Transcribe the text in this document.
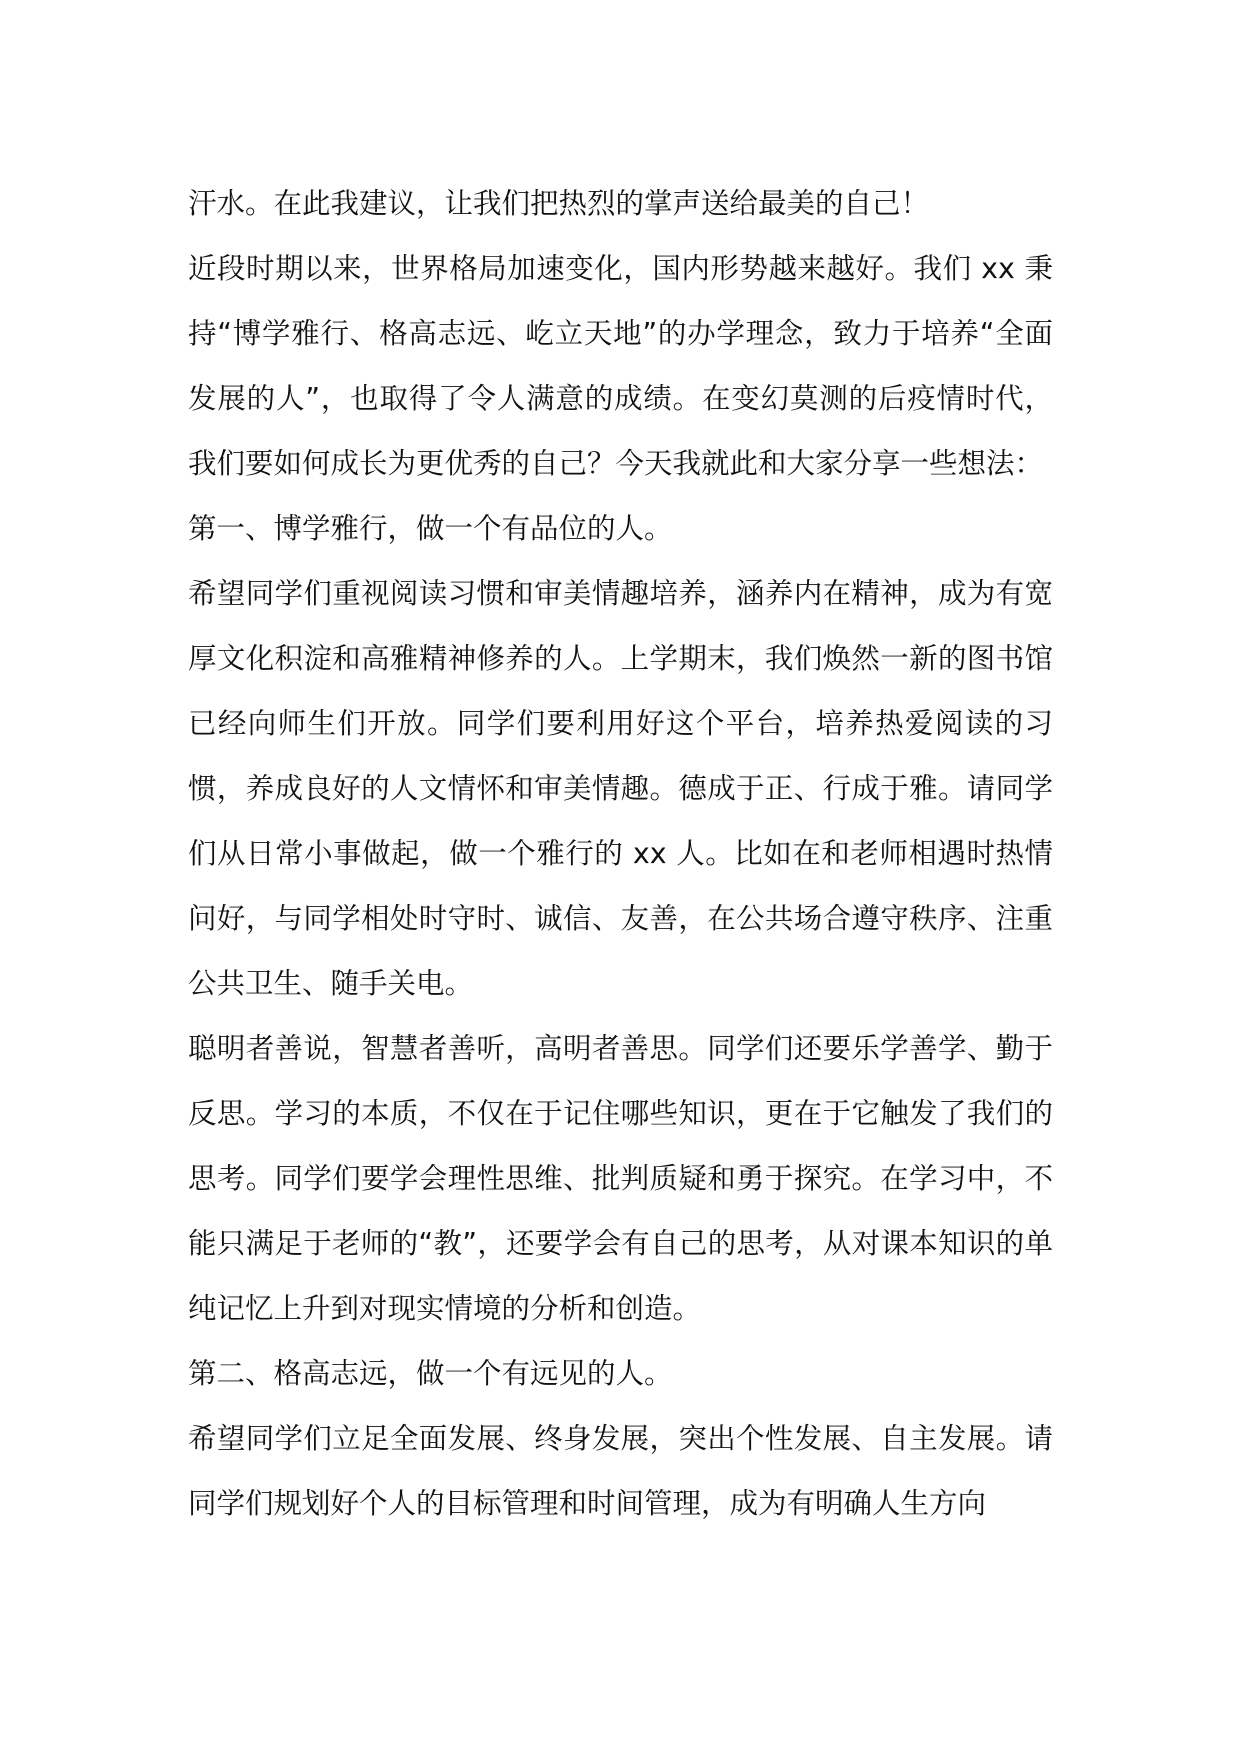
汗水。在此我建议，让我们把热烈的掌声送给最美的自己！

近段时期以来，世界格局加速变化，国内形势越来越好。我们 xx 秉持“博学雅行、格高志远、屹立天地”的办学理念，致力于培养“全面发展的人”，也取得了令人满意的成绩。在变幻莫测的后疫情时代，我们要如何成长为更优秀的自己？今天我就此和大家分享一些想法：

第一、博学雅行，做一个有品位的人。

希望同学们重视阅读习惯和审美情趣培养，涵养内在精神，成为有宽厚文化积淀和高雅精神修养的人。上学期末，我们焕然一新的图书馆已经向师生们开放。同学们要利用好这个平台，培养热爱阅读的习惯，养成良好的人文情怀和审美情趣。德成于正、行成于雅。请同学们从日常小事做起，做一个雅行的 xx 人。比如在和老师相遇时热情问好，与同学相处时守时、诚信、友善，在公共场合遵守秩序、注重公共卫生、随手关电。

聪明者善说，智慧者善听，高明者善思。同学们还要乐学善学、勤于反思。学习的本质，不仅在于记住哪些知识，更在于它触发了我们的思考。同学们要学会理性思维、批判质疑和勇于探究。在学习中，不能只满足于老师的“教”，还要学会有自己的思考，从对课本知识的单纯记忆上升到对现实情境的分析和创造。

第二、格高志远，做一个有远见的人。

希望同学们立足全面发展、终身发展，突出个性发展、自主发展。请同学们规划好个人的目标管理和时间管理，成为有明确人生方向
